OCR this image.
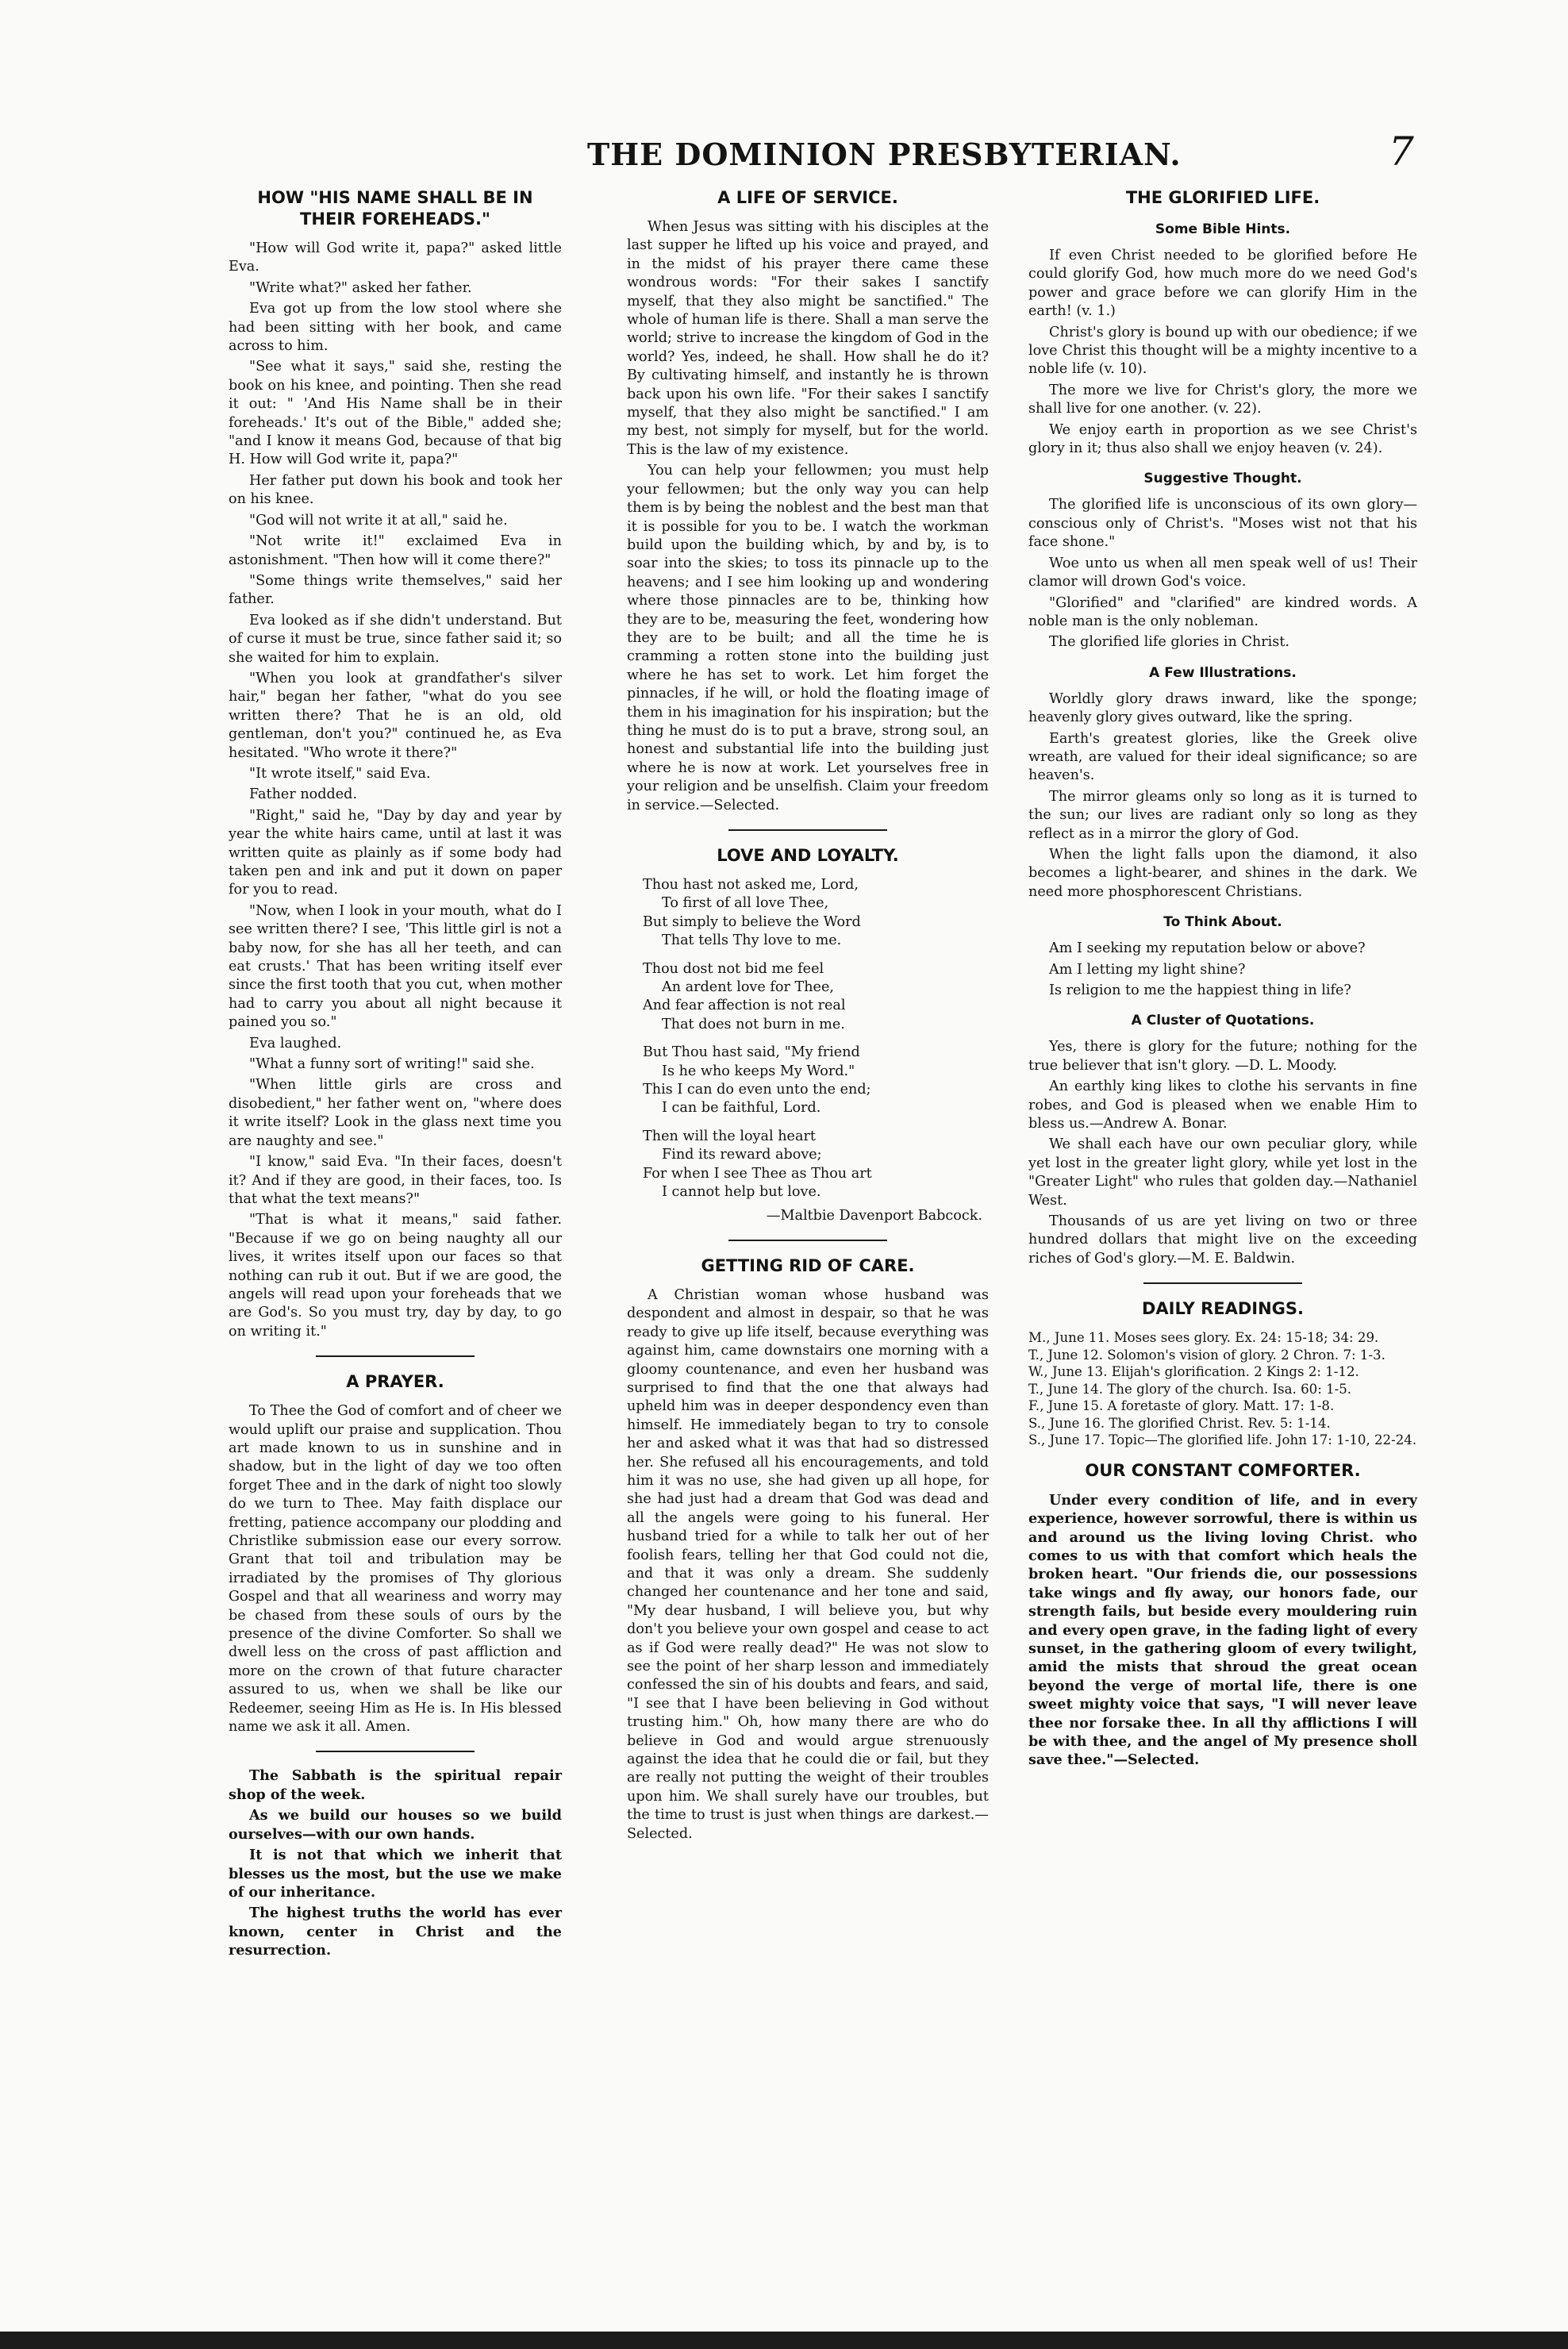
THE DOMINION PRESBYTERIAN.	7
HOW "HIS NAME SHALL BE IN THEIR FOREHEADS."

"How will God write it, papa?" asked little Eva.

"Write what?" asked her father.

Eva got up from the low stool where she had been sitting with her book, and came across to him.

"See what it says," said she, resting the book on his knee, and pointing. Then she read it out: " 'And His Name shall be in their foreheads.' It's out of the Bible," added she; "and I know it means God, because of that big H. How will God write it, papa?"

Her father put down his book and took her on his knee.

"God will not write it at all," said he.

"Not write it!" exclaimed Eva in astonishment. "Then how will it come there?"

"Some things write themselves," said her father.

Eva looked as if she didn't understand. But of curse it must be true, since father said it; so she waited for him to explain.

"When you look at grandfather's silver hair," began her father, "what do you see written there? That he is an old, old gentleman, don't you?" continued he, as Eva hesitated. "Who wrote it there?"

"It wrote itself," said Eva.

Father nodded.

"Right," said he, "Day by day and year by year the white hairs came, until at last it was written quite as plainly as if some body had taken pen and ink and put it down on paper for you to read.

"Now, when I look in your mouth, what do I see written there? I see, 'This little girl is not a baby now, for she has all her teeth, and can eat crusts.' That has been writing itself ever since the first tooth that you cut, when mother had to carry you about all night because it pained you so."

Eva laughed.

"What a funny sort of writing!" said she.

"When little girls are cross and disobedient," her father went on, "where does it write itself? Look in the glass next time you are naughty and see."

"I know," said Eva. "In their faces, doesn't it? And if they are good, in their faces, too. Is that what the text means?"

"That is what it means," said father. "Because if we go on being naughty all our lives, it writes itself upon our faces so that nothing can rub it out. But if we are good, the angels will read upon your foreheads that we are God's. So you must try, day by day, to go on writing it."

A PRAYER.

To Thee the God of comfort and of cheer we would uplift our praise and supplication. Thou art made known to us in sunshine and in shadow, but in the light of day we too often forget Thee and in the dark of night too slowly do we turn to Thee. May faith displace our fretting, patience accompany our plodding and Christlike submission ease our every sorrow. Grant that toil and tribulation may be irradiated by the promises of Thy glorious Gospel and that all weariness and worry may be chased from these souls of ours by the presence of the divine Comforter. So shall we dwell less on the cross of past affliction and more on the crown of that future character assured to us, when we shall be like our Redeemer, seeing Him as He is. In His blessed name we ask it all. Amen.

The Sabbath is the spiritual repair shop of the week.

As we build our houses so we build ourselves—with our own hands.

It is not that which we inherit that blesses us the most, but the use we make of our inheritance.

The highest truths the world has ever known, center in Christ and the resurrection.

A LIFE OF SERVICE.

When Jesus was sitting with his disciples at the last supper he lifted up his voice and prayed, and in the midst of his prayer there came these wondrous words: "For their sakes I sanctify myself, that they also might be sanctified." The whole of human life is there. Shall a man serve the world; strive to increase the kingdom of God in the world? Yes, indeed, he shall. How shall he do it? By cultivating himself, and instantly he is thrown back upon his own life. "For their sakes I sanctify myself, that they also might be sanctified." I am my best, not simply for myself, but for the world. This is the law of my existence.

You can help your fellowmen; you must help your fellowmen; but the only way you can help them is by being the noblest and the best man that it is possible for you to be. I watch the workman build upon the building which, by and by, is to soar into the skies; to toss its pinnacle up to the heavens; and I see him looking up and wondering where those pinnacles are to be, thinking how they are to be, measuring the feet, wondering how they are to be built; and all the time he is cramming a rotten stone into the building just where he has set to work. Let him forget the pinnacles, if he will, or hold the floating image of them in his imagination for his inspiration; but the thing he must do is to put a brave, strong soul, an honest and substantial life into the building just where he is now at work. Let yourselves free in your religion and be unselfish. Claim your freedom in service.—Selected.

LOVE AND LOYALTY.
Thou hast not asked me, Lord,
To first of all love Thee,
But simply to believe the Word
That tells Thy love to me.
Thou dost not bid me feel
An ardent love for Thee,
And fear affection is not real
That does not burn in me.
But Thou hast said, "My friend
Is he who keeps My Word."
This I can do even unto the end;
I can be faithful, Lord.
Then will the loyal heart
Find its reward above;
For when I see Thee as Thou art
I cannot help but love.
—Maltbie Davenport Babcock.
GETTING RID OF CARE.

A Christian woman whose husband was despondent and almost in despair, so that he was ready to give up life itself, because everything was against him, came downstairs one morning with a gloomy countenance, and even her husband was surprised to find that the one that always had upheld him was in deeper despondency even than himself. He immediately began to try to console her and asked what it was that had so distressed her. She refused all his encouragements, and told him it was no use, she had given up all hope, for she had just had a dream that God was dead and all the angels were going to his funeral. Her husband tried for a while to talk her out of her foolish fears, telling her that God could not die, and that it was only a dream. She suddenly changed her countenance and her tone and said, "My dear husband, I will believe you, but why don't you believe your own gospel and cease to act as if God were really dead?" He was not slow to see the point of her sharp lesson and immediately confessed the sin of his doubts and fears, and said, "I see that I have been believing in God without trusting him." Oh, how many there are who do believe in God and would argue strenuously against the idea that he could die or fail, but they are really not putting the weight of their troubles upon him. We shall surely have our troubles, but the time to trust is just when things are darkest.—Selected.

THE GLORIFIED LIFE.
Some Bible Hints.

If even Christ needed to be glorified before He could glorify God, how much more do we need God's power and grace before we can glorify Him in the earth! (v. 1.)

Christ's glory is bound up with our obedience; if we love Christ this thought will be a mighty incentive to a noble life (v. 10).

The more we live for Christ's glory, the more we shall live for one another. (v. 22).

We enjoy earth in proportion as we see Christ's glory in it; thus also shall we enjoy heaven (v. 24).

Suggestive Thought.

The glorified life is unconscious of its own glory—conscious only of Christ's. "Moses wist not that his face shone."

Woe unto us when all men speak well of us! Their clamor will drown God's voice.

"Glorified" and "clarified" are kindred words. A noble man is the only nobleman.

The glorified life glories in Christ.

A Few Illustrations.

Worldly glory draws inward, like the sponge; heavenly glory gives outward, like the spring.

Earth's greatest glories, like the Greek olive wreath, are valued for their ideal significance; so are heaven's.

The mirror gleams only so long as it is turned to the sun; our lives are radiant only so long as they reflect as in a mirror the glory of God.

When the light falls upon the diamond, it also becomes a light-bearer, and shines in the dark. We need more phosphorescent Christians.

To Think About.

Am I seeking my reputation below or above?

Am I letting my light shine?

Is religion to me the happiest thing in life?

A Cluster of Quotations.

Yes, there is glory for the future; nothing for the true believer that isn't glory. —D. L. Moody.

An earthly king likes to clothe his servants in fine robes, and God is pleased when we enable Him to bless us.—Andrew A. Bonar.

We shall each have our own peculiar glory, while yet lost in the greater light glory, while yet lost in the "Greater Light" who rules that golden day.—Nathaniel West.

Thousands of us are yet living on two or three hundred dollars that might live on the exceeding riches of God's glory.—M. E. Baldwin.

DAILY READINGS.

M., June 11. Moses sees glory. Ex. 24: 15-18; 34: 29.

T., June 12. Solomon's vision of glory. 2 Chron. 7: 1-3.

W., June 13. Elijah's glorification. 2 Kings 2: 1-12.

T., June 14. The glory of the church. Isa. 60: 1-5.

F., June 15. A foretaste of glory. Matt. 17: 1-8.

S., June 16. The glorified Christ. Rev. 5: 1-14.

S., June 17. Topic—The glorified life. John 17: 1-10, 22-24.

OUR CONSTANT COMFORTER.

Under every condition of life, and in every experience, however sorrowful, there is within us and around us the living loving Christ. who comes to us with that comfort which heals the broken heart. "Our friends die, our possessions take wings and fly away, our honors fade, our strength fails, but beside every mouldering ruin and every open grave, in the fading light of every sunset, in the gathering gloom of every twilight, amid the mists that shroud the great ocean beyond the verge of mortal life, there is one sweet mighty voice that says, "I will never leave thee nor forsake thee. In all thy afflictions I will be with thee, and the angel of My presence sholl save thee."—Selected.
